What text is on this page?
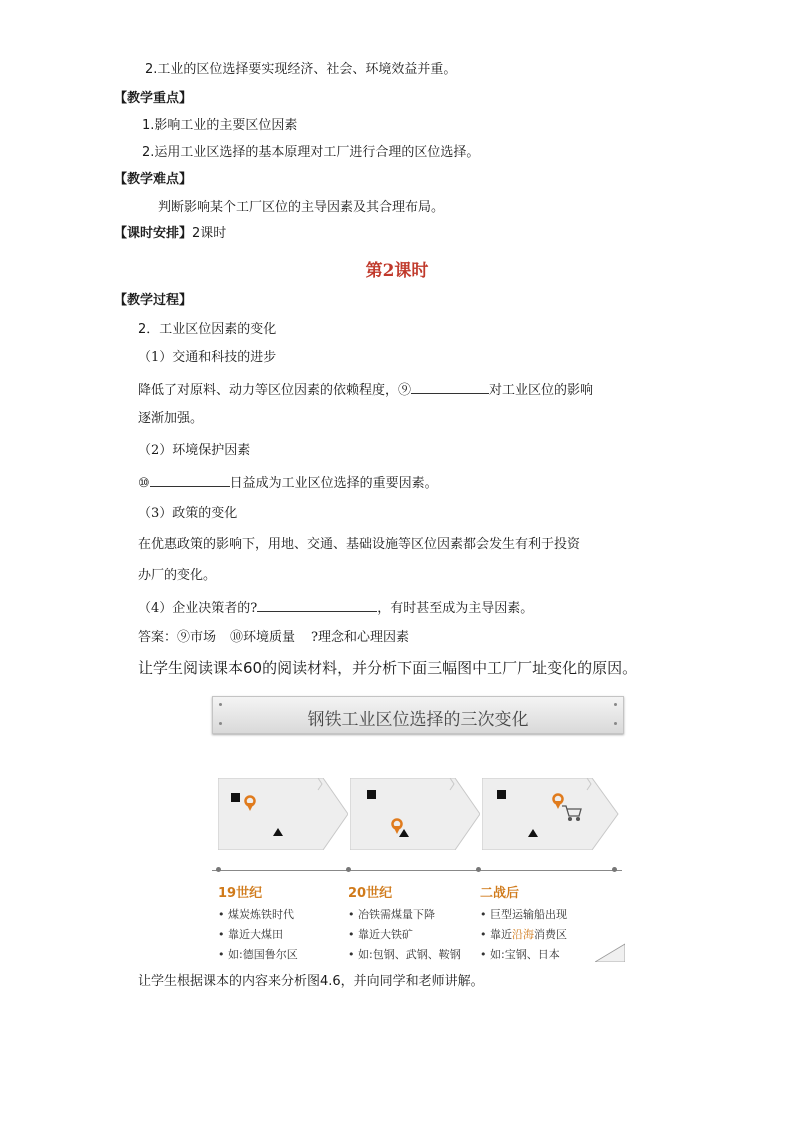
2.工业的区位选择要实现经济、社会、环境效益并重。
【教学重点】
1.影响工业的主要区位因素
2.运用工业区选择的基本原理对工厂进行合理的区位选择。
【教学难点】
判断影响某个工厂区位的主导因素及其合理布局。
【课时安排】2课时
第2课时
【教学过程】
2．工业区位因素的变化
（1）交通和科技的进步
降低了对原料、动力等区位因素的依赖程度，⑨	对工业区位的影响
逐渐加强。
（2）环境保护因素
⑩	日益成为工业区位选择的重要因素。
（3）政策的变化
在优惠政策的影响下，用地、交通、基础设施等区位因素都会发生有利于投资
办厂的变化。
（4）企业决策者的?	，有时甚至成为主导因素。
答案：⑨市场 ⑩环境质量 ?理念和心理因素
让学生阅读课本60的阅读材料，并分析下面三幅图中工厂厂址变化的原因。
钢铁工业区位选择的三次变化
19世纪
• 煤炭炼铁时代
• 靠近大煤田
• 如:德国鲁尔区
20世纪
• 冶铁需煤量下降
• 靠近大铁矿
• 如:包钢、武钢、鞍钢
二战后
• 巨型运输船出现
• 靠近沿海消费区
• 如:宝钢、日本
让学生根据课本的内容来分析图4.6，并向同学和老师讲解。
